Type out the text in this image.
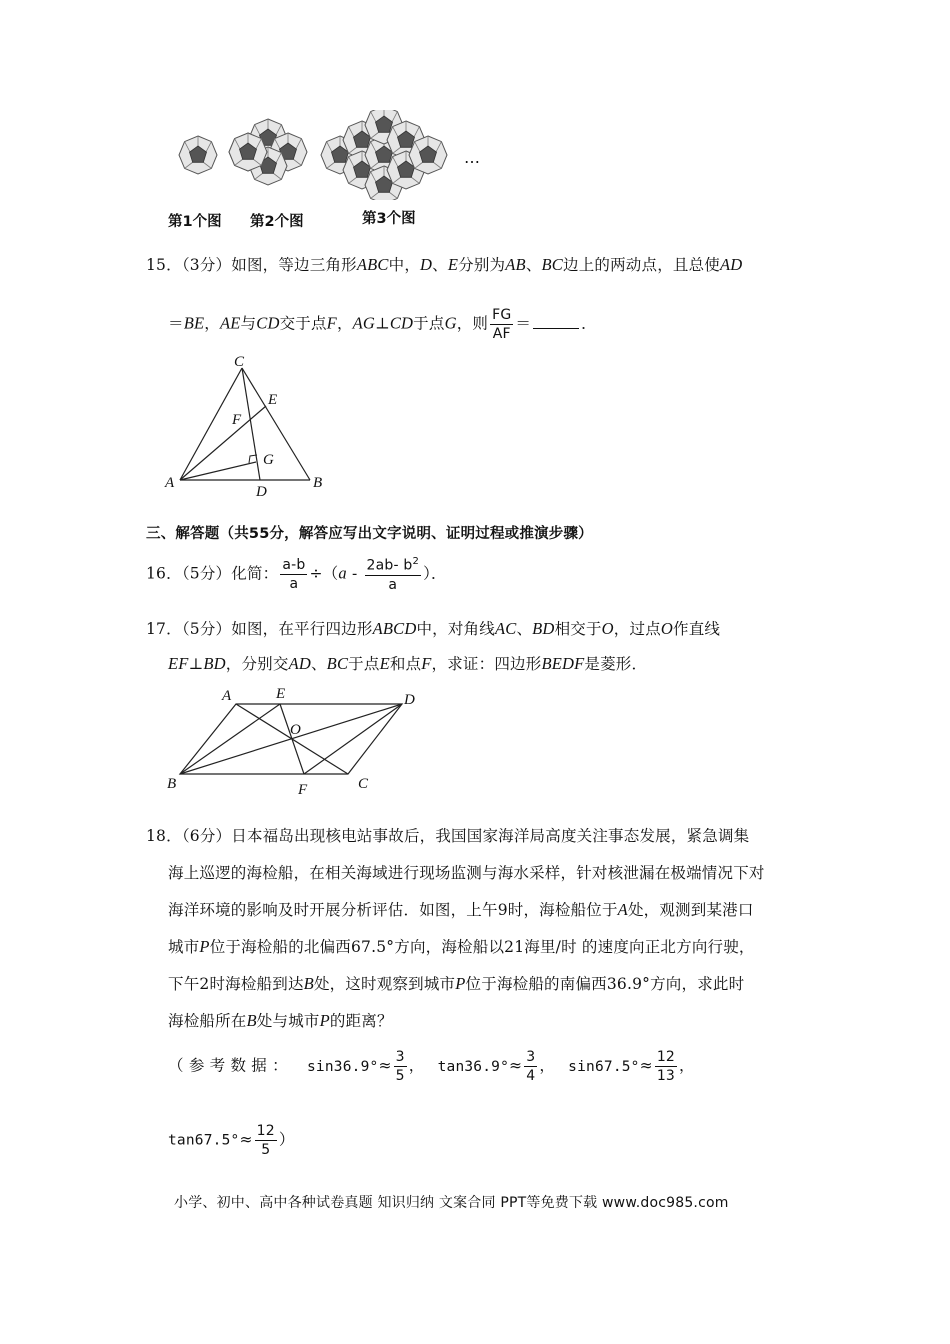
…
第1个图 第2个图	第3个图
15．（3分）如图，等边三角形ABC中，D、E分别为AB、BC边上的两动点，且总使AD
＝BE，AE与CD交于点F，AG⊥CD于点G，则 $\frac{FG}{AF}$ ＝	．
C
E
F
G
A
D
B
三、解答题（共55分，解答应写出文字说明、证明过程或推演步骤）
16．（5分）化简： $\frac{a-b}{a} \div(a - \frac{2ab- b^2}{a}$ ）．
17．（5分）如图，在平行四边形ABCD中，对角线AC、BD相交于O，过点O作直线
EF⊥BD，分别交AD、BC于点E和点F，求证：四边形BEDF是菱形．
A	E	D
O
B	F	C
18．（6分）日本福岛出现核电站事故后，我国国家海洋局高度关注事态发展，紧急调集
海上巡逻的海检船，在相关海域进行现场监测与海水采样，针对核泄漏在极端情况下对
海洋环境的影响及时开展分析评估．如图，上午9时，海检船位于A处，观测到某港口
城市P位于海检船的北偏西67.5°方向，海检船以21海里/时 的速度向正北方向行驶，
下午2时海检船到达B处，这时观察到城市P位于海检船的南偏西36.9°方向，求此时
海检船所在B处与城市P的距离？
（ 参 考 数 据 ： $\sin 36.9^\circ\approx \frac{3}{5}$ ， $\tan 36.9^\circ\approx \frac{3}{4}$ ， $\sin 67.5^\circ\approx \frac{12}{13}$ ，
$\tan 67.5^\circ\approx \frac{12}{5}$ ）
小学、初中、高中各种试卷真题 知识归纳 文案合同 PPT等免费下载 www.doc985.com
